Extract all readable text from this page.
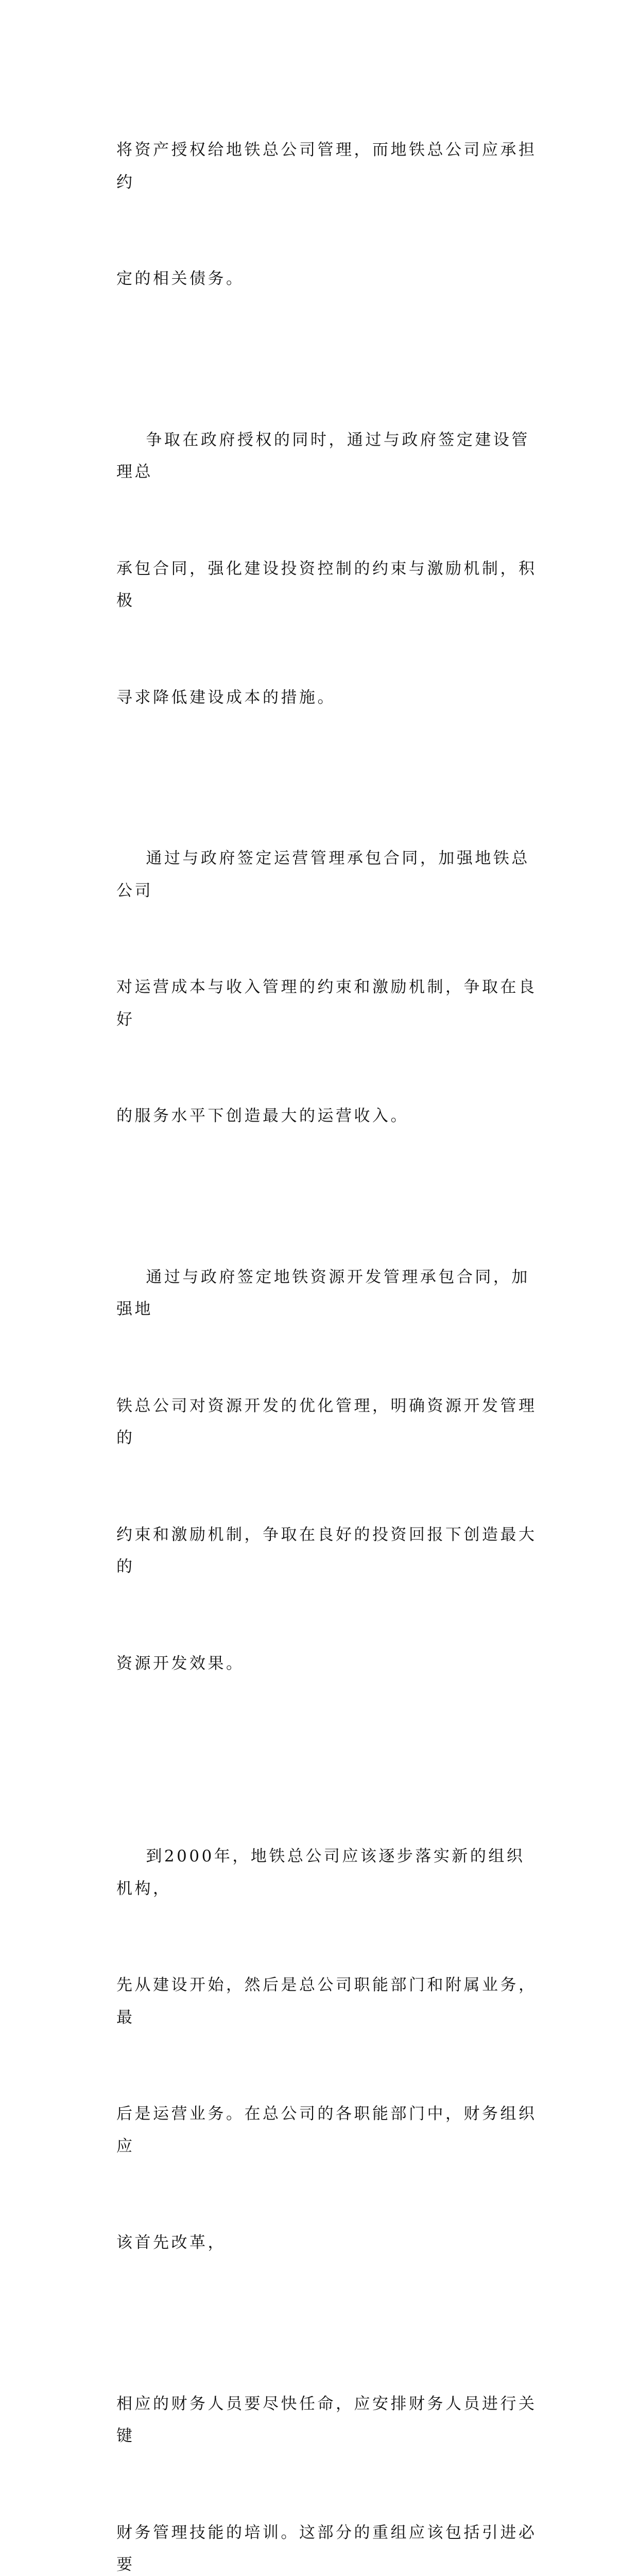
将资产授权给地铁总公司管理，而地铁总公司应承担约

定的相关债务。

争取在政府授权的同时，通过与政府签定建设管理总

承包合同，强化建设投资控制的约束与激励机制，积极

寻求降低建设成本的措施。

通过与政府签定运营管理承包合同，加强地铁总公司

对运营成本与收入管理的约束和激励机制，争取在良好

的服务水平下创造最大的运营收入。

通过与政府签定地铁资源开发管理承包合同，加强地

铁总公司对资源开发的优化管理，明确资源开发管理的

约束和激励机制，争取在良好的投资回报下创造最大的

资源开发效果。

到2000年，地铁总公司应该逐步落实新的组织机构，

先从建设开始，然后是总公司职能部门和附属业务，最

后是运营业务。在总公司的各职能部门中，财务组织应

该首先改革，

相应的财务人员要尽快任命，应安排财务人员进行关键

财务管理技能的培训。这部分的重组应该包括引进必要
